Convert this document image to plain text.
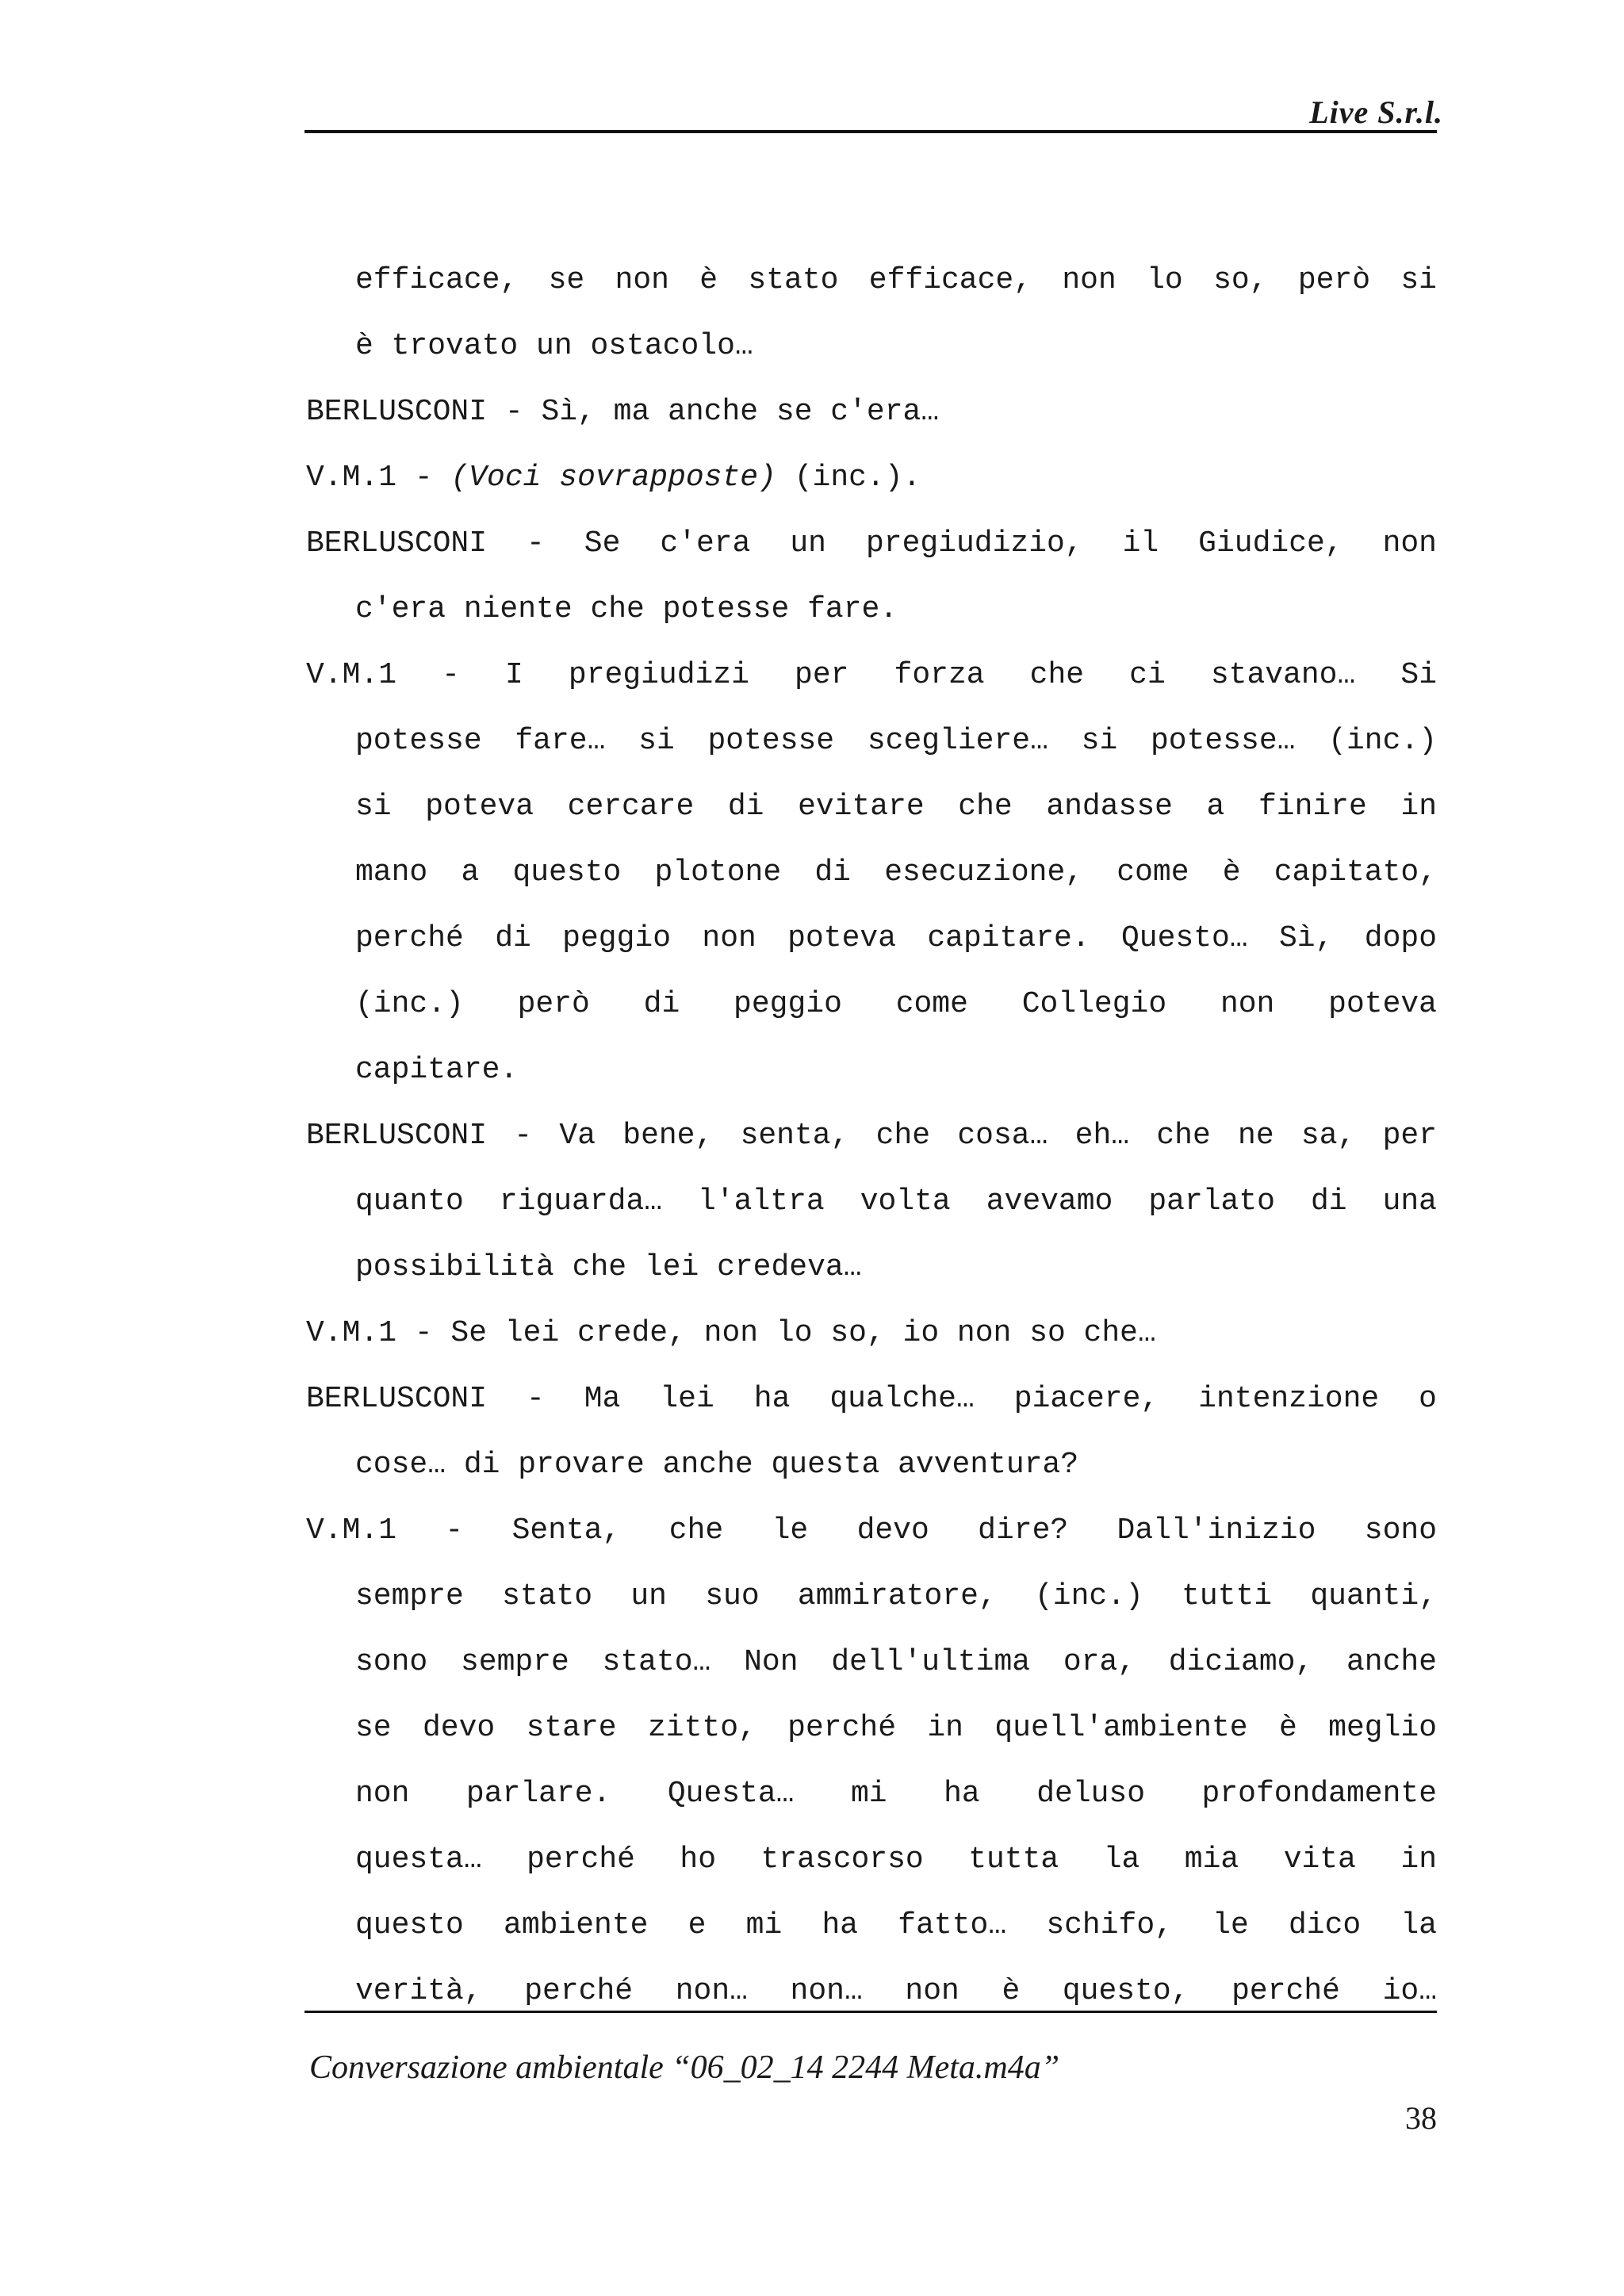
Live S.r.l.
efficace, se non è stato efficace, non lo so, però si
è trovato un ostacolo…
BERLUSCONI - Sì, ma anche se c'era…
V.M.1 - (Voci sovrapposte) (inc.).
BERLUSCONI - Se c'era un pregiudizio, il Giudice, non
c'era niente che potesse fare.
V.M.1 - I pregiudizi per forza che ci stavano… Si
potesse fare… si potesse scegliere… si potesse… (inc.)
si poteva cercare di evitare che andasse a finire in
mano a questo plotone di esecuzione, come è capitato,
perché di peggio non poteva capitare. Questo… Sì, dopo
(inc.) però di peggio come Collegio non poteva
capitare.
BERLUSCONI - Va bene, senta, che cosa… eh… che ne sa, per
quanto riguarda… l'altra volta avevamo parlato di una
possibilità che lei credeva…
V.M.1 - Se lei crede, non lo so, io non so che…
BERLUSCONI - Ma lei ha qualche… piacere, intenzione o
cose… di provare anche questa avventura?
V.M.1 - Senta, che le devo dire? Dall'inizio sono
sempre stato un suo ammiratore, (inc.) tutti quanti,
sono sempre stato… Non dell'ultima ora, diciamo, anche
se devo stare zitto, perché in quell'ambiente è meglio
non parlare. Questa… mi ha deluso profondamente
questa… perché ho trascorso tutta la mia vita in
questo ambiente e mi ha fatto… schifo, le dico la
verità, perché non… non… non è questo, perché io…
Conversazione ambientale “06_02_14 2244 Meta.m4a”
38
